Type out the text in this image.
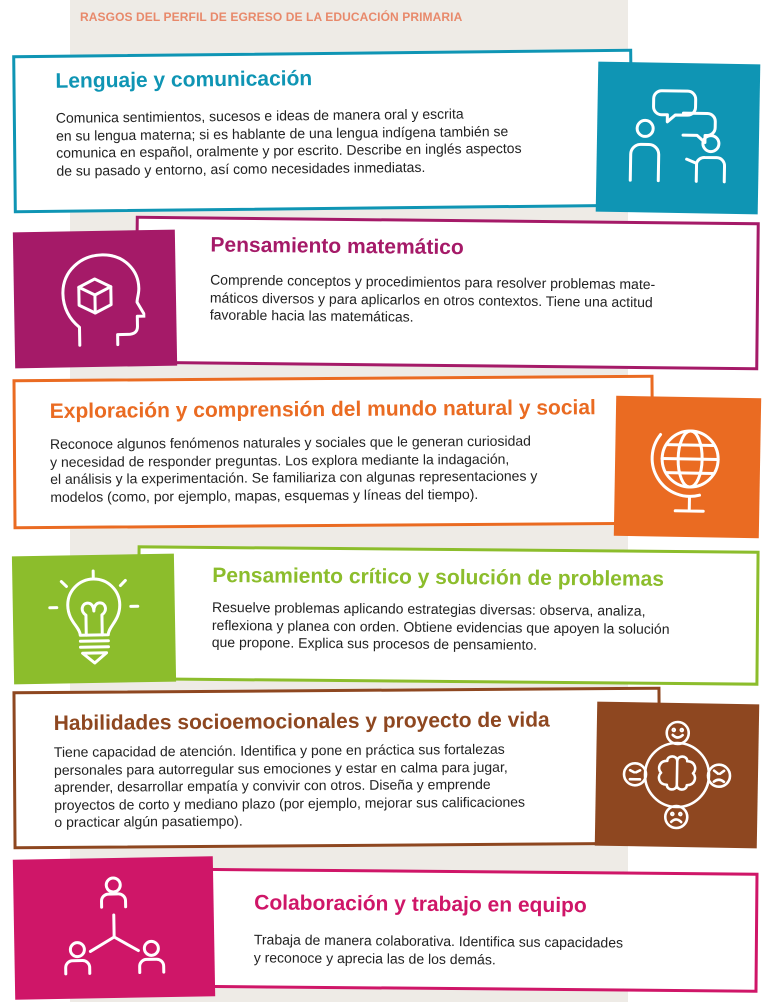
RASGOS DEL PERFIL DE EGRESO DE LA EDUCACIÓN PRIMARIA
Lenguaje y comunicación
Comunica sentimientos, sucesos e ideas de manera oral y escrita
en su lengua materna; si es hablante de una lengua indígena también se
comunica en español, oralmente y por escrito. Describe en inglés aspectos
de su pasado y entorno, así como necesidades inmediatas.
Pensamiento matemático
Comprende conceptos y procedimientos para resolver problemas mate-
máticos diversos y para aplicarlos en otros contextos. Tiene una actitud
favorable hacia las matemáticas.
Exploración y comprensión del mundo natural y social
Reconoce algunos fenómenos naturales y sociales que le generan curiosidad
y necesidad de responder preguntas. Los explora mediante la indagación,
el análisis y la experimentación. Se familiariza con algunas representaciones y
modelos (como, por ejemplo, mapas, esquemas y líneas del tiempo).
Pensamiento crítico y solución de problemas
Resuelve problemas aplicando estrategias diversas: observa, analiza,
reflexiona y planea con orden. Obtiene evidencias que apoyen la solución
que propone. Explica sus procesos de pensamiento.
Habilidades socioemocionales y proyecto de vida
Tiene capacidad de atención. Identifica y pone en práctica sus fortalezas
personales para autorregular sus emociones y estar en calma para jugar,
aprender, desarrollar empatía y convivir con otros. Diseña y emprende
proyectos de corto y mediano plazo (por ejemplo, mejorar sus calificaciones
o practicar algún pasatiempo).
Colaboración y trabajo en equipo
Trabaja de manera colaborativa. Identifica sus capacidades
y reconoce y aprecia las de los demás.
